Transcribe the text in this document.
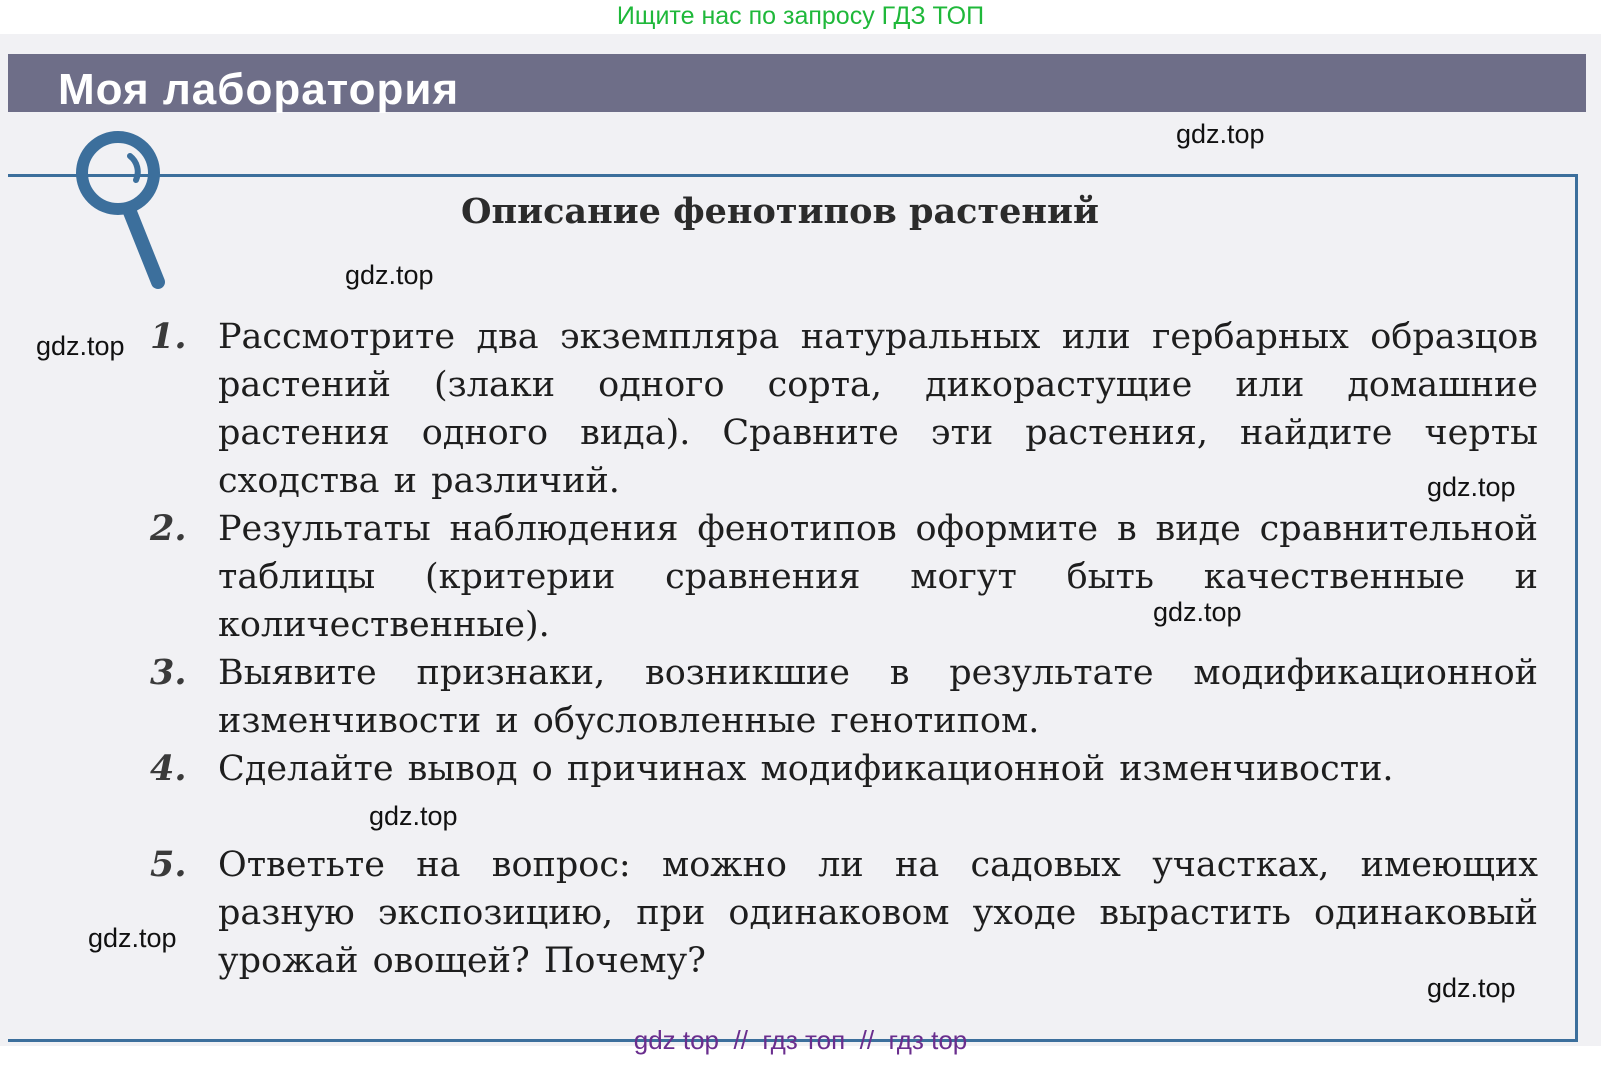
Ищите нас по запросу ГДЗ ТОП
Моя лаборатория
Описание фенотипов растений
1. Рассмотрите два экземпляра натуральных или гербарных образцов растений (злаки одного сорта, дикорастущие или домашние растения одного вида). Сравните эти растения, найдите черты сходства и различий.
2. Результаты наблюдения фенотипов оформите в виде сравнительной таблицы (критерии сравнения могут быть качественные и количественные).
3. Выявите признаки, возникшие в результате модификационной изменчивости и обусловленные генотипом.
4. Сделайте вывод о причинах модификационной изменчивости.
5. Ответьте на вопрос: можно ли на садовых участках, имеющих разную экспозицию, при одинаковом уходе вырастить одинаковый урожай овощей? Почему?
gdz.top
gdz.top
gdz.top
gdz.top
gdz.top
gdz.top
gdz.top
gdz.top
gdz top  //  гдз топ  //  гдз top
